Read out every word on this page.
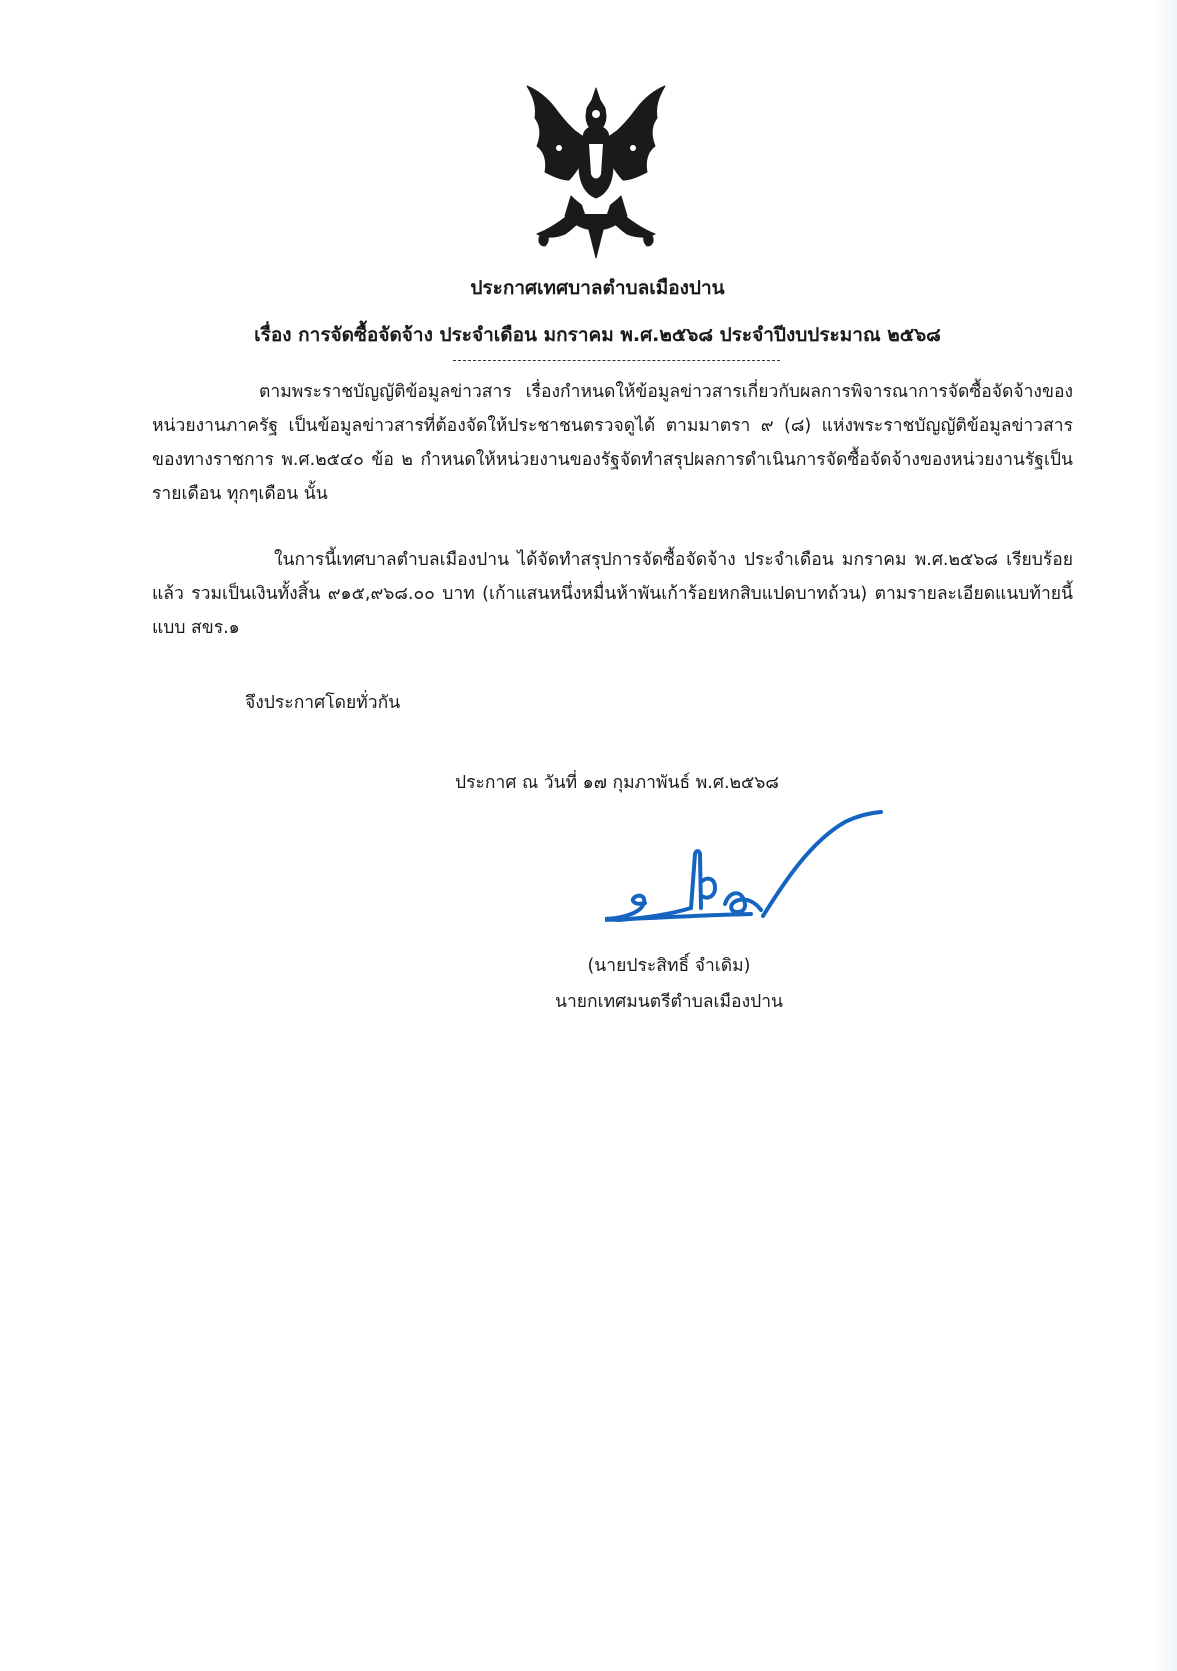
ประกาศเทศบาลตำบลเมืองปาน
เรื่อง การจัดซื้อจัดจ้าง ประจำเดือน มกราคม พ.ศ.๒๕๖๘ ประจำปีงบประมาณ ๒๕๖๘
ตามพระราชบัญญัติข้อมูลข่าวสาร เรื่องกำหนดให้ข้อมูลข่าวสารเกี่ยวกับผลการพิจารณาการจัดซื้อจัดจ้างของหน่วยงานภาครัฐ เป็นข้อมูลข่าวสารที่ต้องจัดให้ประชาชนตรวจดูได้ ตามมาตรา ๙ (๘) แห่งพระราชบัญญัติข้อมูลข่าวสารของทางราชการ พ.ศ.๒๕๔๐ ข้อ ๒ กำหนดให้หน่วยงานของรัฐจัดทำสรุปผลการดำเนินการจัดซื้อจัดจ้างของหน่วยงานรัฐเป็นรายเดือน ทุกๆเดือน นั้น
ในการนี้เทศบาลตำบลเมืองปาน ได้จัดทำสรุปการจัดซื้อจัดจ้าง ประจำเดือน มกราคม พ.ศ.๒๕๖๘ เรียบร้อยแล้ว รวมเป็นเงินทั้งสิ้น ๙๑๕,๙๖๘.๐๐ บาท (เก้าแสนหนึ่งหมื่นห้าพันเก้าร้อยหกสิบแปดบาทถ้วน) ตามรายละเอียดแนบท้ายนี้ แบบ สขร.๑
จึงประกาศโดยทั่วกัน
ประกาศ ณ วันที่ ๑๗ กุมภาพันธ์ พ.ศ.๒๕๖๘
(นายประสิทธิ์ จำเดิม)
นายกเทศมนตรีตำบลเมืองปาน
